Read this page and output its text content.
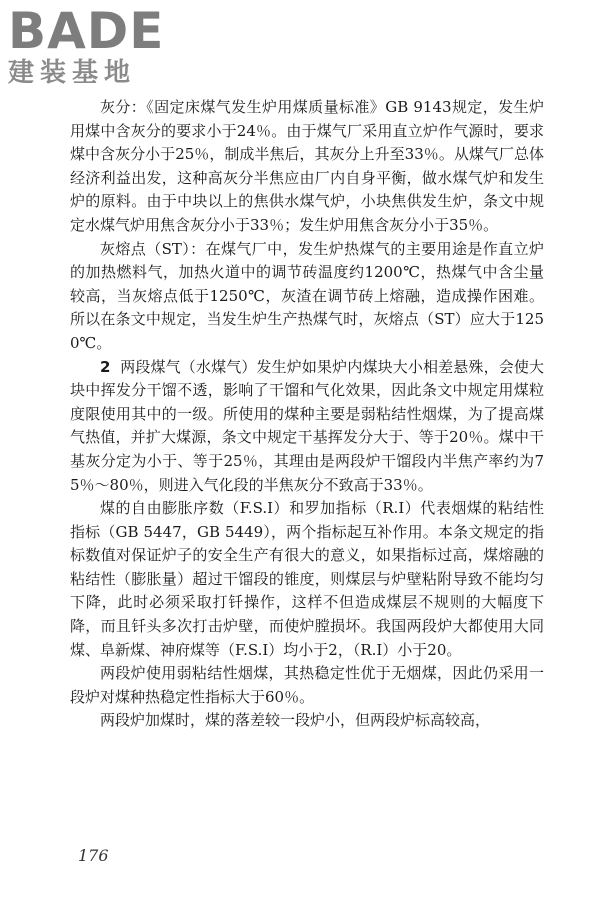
BADE
建装基地

灰分：《固定床煤气发生炉用煤质量标准》GB 9143规定，发生炉用煤中含灰分的要求小于24％。由于煤气厂采用直立炉作气源时，要求煤中含灰分小于25％，制成半焦后，其灰分上升至33％。从煤气厂总体经济利益出发，这种高灰分半焦应由厂内自身平衡，做水煤气炉和发生炉的原料。由于中块以上的焦供水煤气炉，小块焦供发生炉，条文中规定水煤气炉用焦含灰分小于33％；发生炉用焦含灰分小于35％。

灰熔点（ST）：在煤气厂中，发生炉热煤气的主要用途是作直立炉的加热燃料气，加热火道中的调节砖温度约1200℃，热煤气中含尘量较高，当灰熔点低于1250℃，灰渣在调节砖上熔融，造成操作困难。所以在条文中规定，当发生炉生产热煤气时，灰熔点（ST）应大于1250℃。

2 两段煤气（水煤气）发生炉如果炉内煤块大小相差悬殊，会使大块中挥发分干馏不透，影响了干馏和气化效果，因此条文中规定用煤粒度限使用其中的一级。所使用的煤种主要是弱粘结性烟煤，为了提高煤气热值，并扩大煤源，条文中规定干基挥发分大于、等于20％。煤中干基灰分定为小于、等于25％，其理由是两段炉干馏段内半焦产率约为75％～80％，则进入气化段的半焦灰分不致高于33％。

煤的自由膨胀序数（F.S.I）和罗加指标（R.I）代表烟煤的粘结性指标（GB 5447，GB 5449），两个指标起互补作用。本条文规定的指标数值对保证炉子的安全生产有很大的意义，如果指标过高，煤熔融的粘结性（膨胀量）超过干馏段的锥度，则煤层与炉壁粘附导致不能均匀下降，此时必须采取打钎操作，这样不但造成煤层不规则的大幅度下降，而且钎头多次打击炉壁，而使炉膛损坏。我国两段炉大都使用大同煤、阜新煤、神府煤等（F.S.I）均小于2，（R.I）小于20。

两段炉使用弱粘结性烟煤，其热稳定性优于无烟煤，因此仍采用一段炉对煤种热稳定性指标大于60％。

两段炉加煤时，煤的落差较一段炉小，但两段炉标高较高，

176
